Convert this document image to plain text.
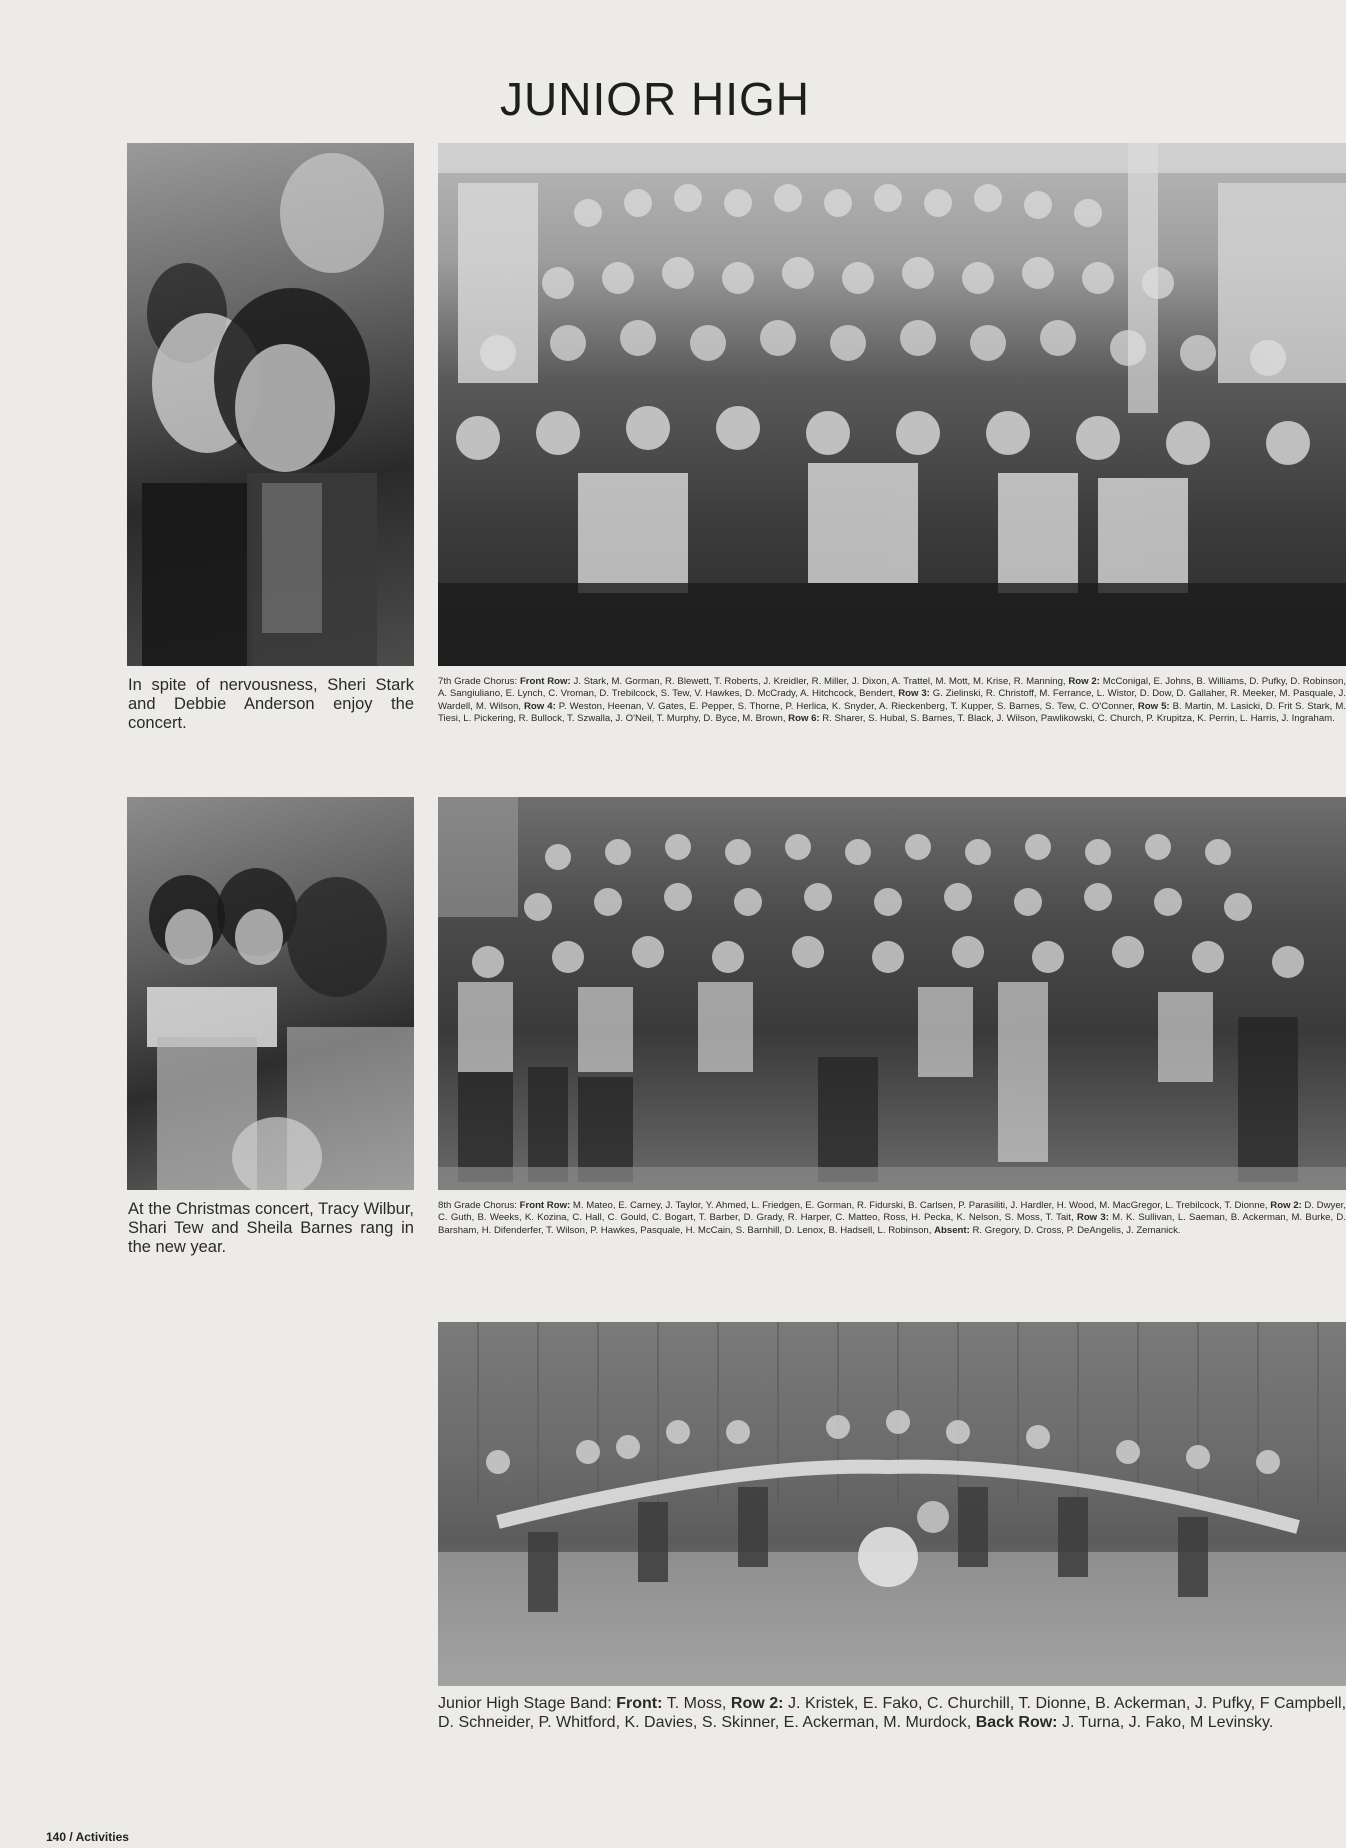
JUNIOR HIGH
In spite of nervousness, Sheri Stark and Debbie Anderson enjoy the concert.
7th Grade Chorus: Front Row: J. Stark, M. Gorman, R. Blewett, T. Roberts, J. Kreidler, R. Miller, J. Dixon, A. Trattel, M. Mott, M. Krise, R. Manning, Row 2: McConigal, E. Johns, B. Williams, D. Pufky, D. Robinson, A. Sangiuliano, E. Lynch, C. Vroman, D. Trebilcock, S. Tew, V. Hawkes, D. McCrady, A. Hitchcock, Bendert, Row 3: G. Zielinski, R. Christoff, M. Ferrance, L. Wistor, D. Dow, D. Gallaher, R. Meeker, M. Pasquale, J. Wardell, M. Wilson, Row 4: P. Weston, Heenan, V. Gates, E. Pepper, S. Thorne, P. Herlica, K. Snyder, A. Rieckenberg, T. Kupper, S. Barnes, S. Tew, C. O'Conner, Row 5: B. Martin, M. Lasicki, D. Frit S. Stark, M. Tiesi, L. Pickering, R. Bullock, T. Szwalla, J. O'Neil, T. Murphy, D. Byce, M. Brown, Row 6: R. Sharer, S. Hubal, S. Barnes, T. Black, J. Wilson, Pawlikowski, C. Church, P. Krupitza, K. Perrin, L. Harris, J. Ingraham.
At the Christmas concert, Tracy Wilbur, Shari Tew and Sheila Barnes rang in the new year.
8th Grade Chorus: Front Row: M. Mateo, E. Carney, J. Taylor, Y. Ahmed, L. Friedgen, E. Gorman, R. Fidurski, B. Carlsen, P. Parasiliti, J. Hardler, H. Wood, M. MacGregor, L. Trebilcock, T. Dionne, Row 2: D. Dwyer, C. Guth, B. Weeks, K. Kozina, C. Hall, C. Gould, C. Bogart, T. Barber, D. Grady, R. Harper, C. Matteo, Ross, H. Pecka, K. Nelson, S. Moss, T. Tait, Row 3: M. K. Sullivan, L. Saeman, B. Ackerman, M. Burke, D. Barsham, H. Difenderfer, T. Wilson, P. Hawkes, Pasquale, H. McCain, S. Barnhill, D. Lenox, B. Hadsell, L. Robinson, Absent: R. Gregory, D. Cross, P. DeAngelis, J. Zemanick.
Junior High Stage Band: Front: T. Moss, Row 2: J. Kristek, E. Fako, C. Churchill, T. Dionne, B. Ackerman, J. Pufky, F Campbell, D. Schneider, P. Whitford, K. Davies, S. Skinner, E. Ackerman, M. Murdock, Back Row: J. Turna, J. Fako, M Levinsky.
140 / Activities
